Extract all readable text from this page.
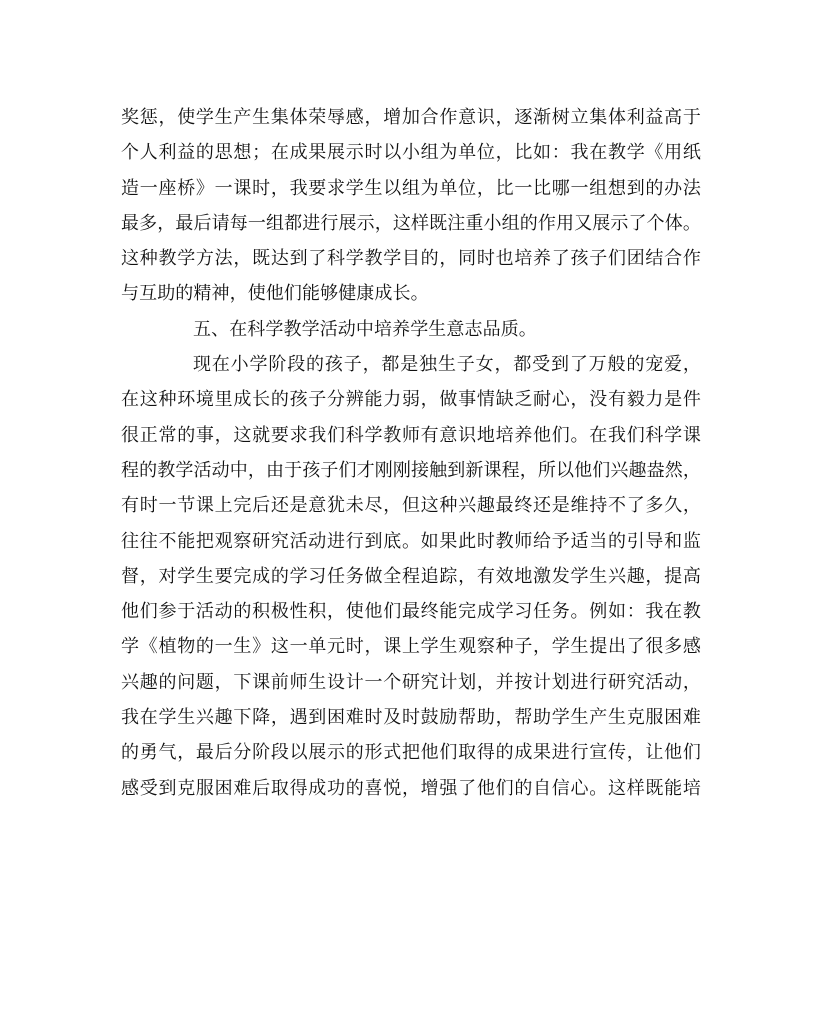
奖惩，使学生产生集体荣辱感，增加合作意识，逐渐树立集体利益高于
个人利益的思想；在成果展示时以小组为单位，比如：我在教学《用纸
造一座桥》一课时，我要求学生以组为单位，比一比哪一组想到的办法
最多，最后请每一组都进行展示，这样既注重小组的作用又展示了个体。
这种教学方法，既达到了科学教学目的，同时也培养了孩子们团结合作
与互助的精神，使他们能够健康成长。
五、在科学教学活动中培养学生意志品质。
现在小学阶段的孩子，都是独生子女，都受到了万般的宠爱，
在这种环境里成长的孩子分辨能力弱，做事情缺乏耐心，没有毅力是件
很正常的事，这就要求我们科学教师有意识地培养他们。在我们科学课
程的教学活动中，由于孩子们才刚刚接触到新课程，所以他们兴趣盎然，
有时一节课上完后还是意犹未尽，但这种兴趣最终还是维持不了多久，
往往不能把观察研究活动进行到底。如果此时教师给予适当的引导和监
督，对学生要完成的学习任务做全程追踪，有效地激发学生兴趣，提高
他们参于活动的积极性积，使他们最终能完成学习任务。例如：我在教
学《植物的一生》这一单元时，课上学生观察种子，学生提出了很多感
兴趣的问题，下课前师生设计一个研究计划，并按计划进行研究活动，
我在学生兴趣下降，遇到困难时及时鼓励帮助，帮助学生产生克服困难
的勇气，最后分阶段以展示的形式把他们取得的成果进行宣传，让他们
感受到克服困难后取得成功的喜悦，增强了他们的自信心。这样既能培
